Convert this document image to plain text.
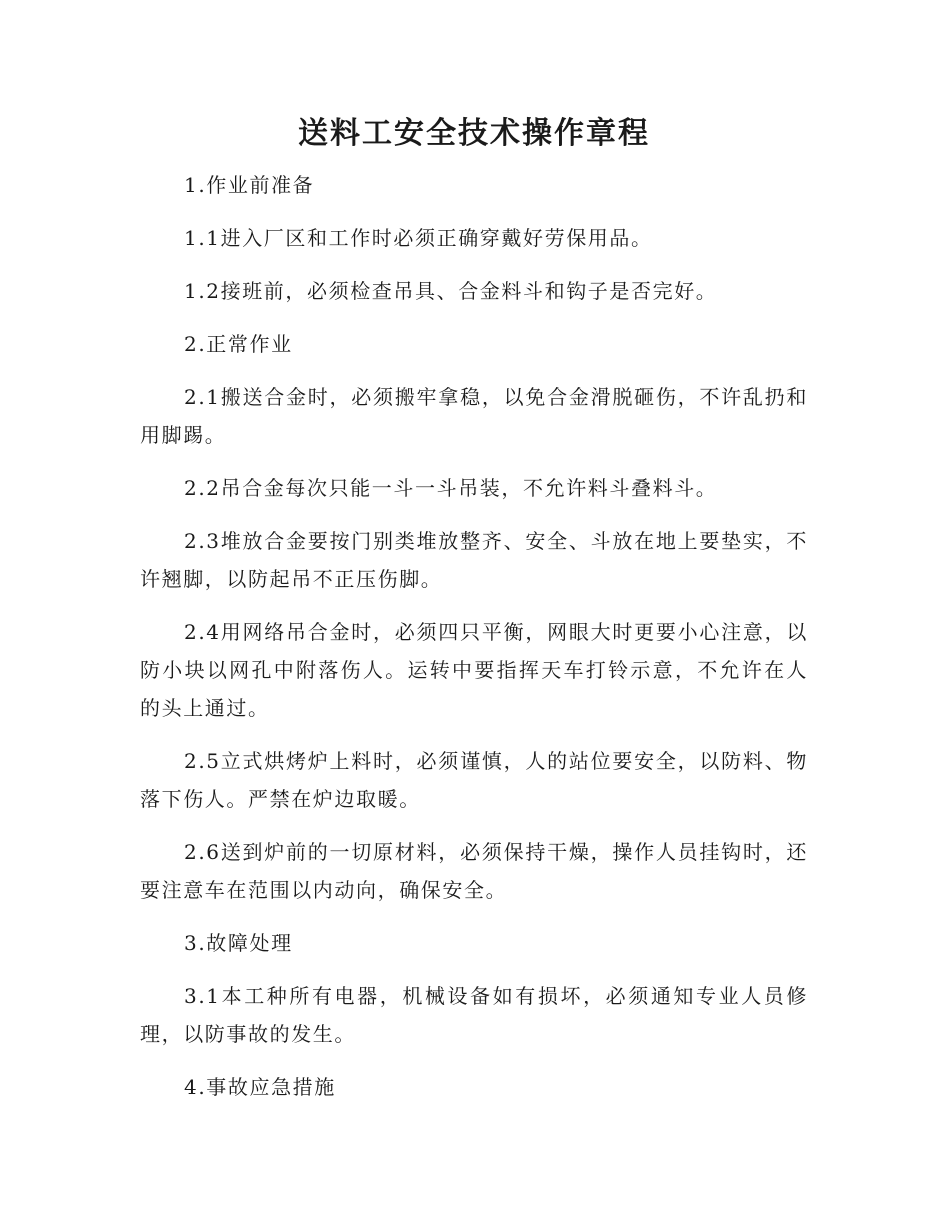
送料工安全技术操作章程

1.作业前准备

1.1进入厂区和工作时必须正确穿戴好劳保用品。

1.2接班前，必须检查吊具、合金料斗和钩子是否完好。

2.正常作业

2.1搬送合金时，必须搬牢拿稳，以免合金滑脱砸伤，不许乱扔和用脚踢。

2.2吊合金每次只能一斗一斗吊装，不允许料斗叠料斗。

2.3堆放合金要按门别类堆放整齐、安全、斗放在地上要垫实，不许翘脚，以防起吊不正压伤脚。

2.4用网络吊合金时，必须四只平衡，网眼大时更要小心注意，以防小块以网孔中附落伤人。运转中要指挥天车打铃示意，不允许在人的头上通过。

2.5立式烘烤炉上料时，必须谨慎，人的站位要安全，以防料、物落下伤人。严禁在炉边取暖。

2.6送到炉前的一切原材料，必须保持干燥，操作人员挂钩时，还要注意车在范围以内动向，确保安全。

3.故障处理

3.1本工种所有电器，机械设备如有损坏，必须通知专业人员修理，以防事故的发生。

4.事故应急措施
